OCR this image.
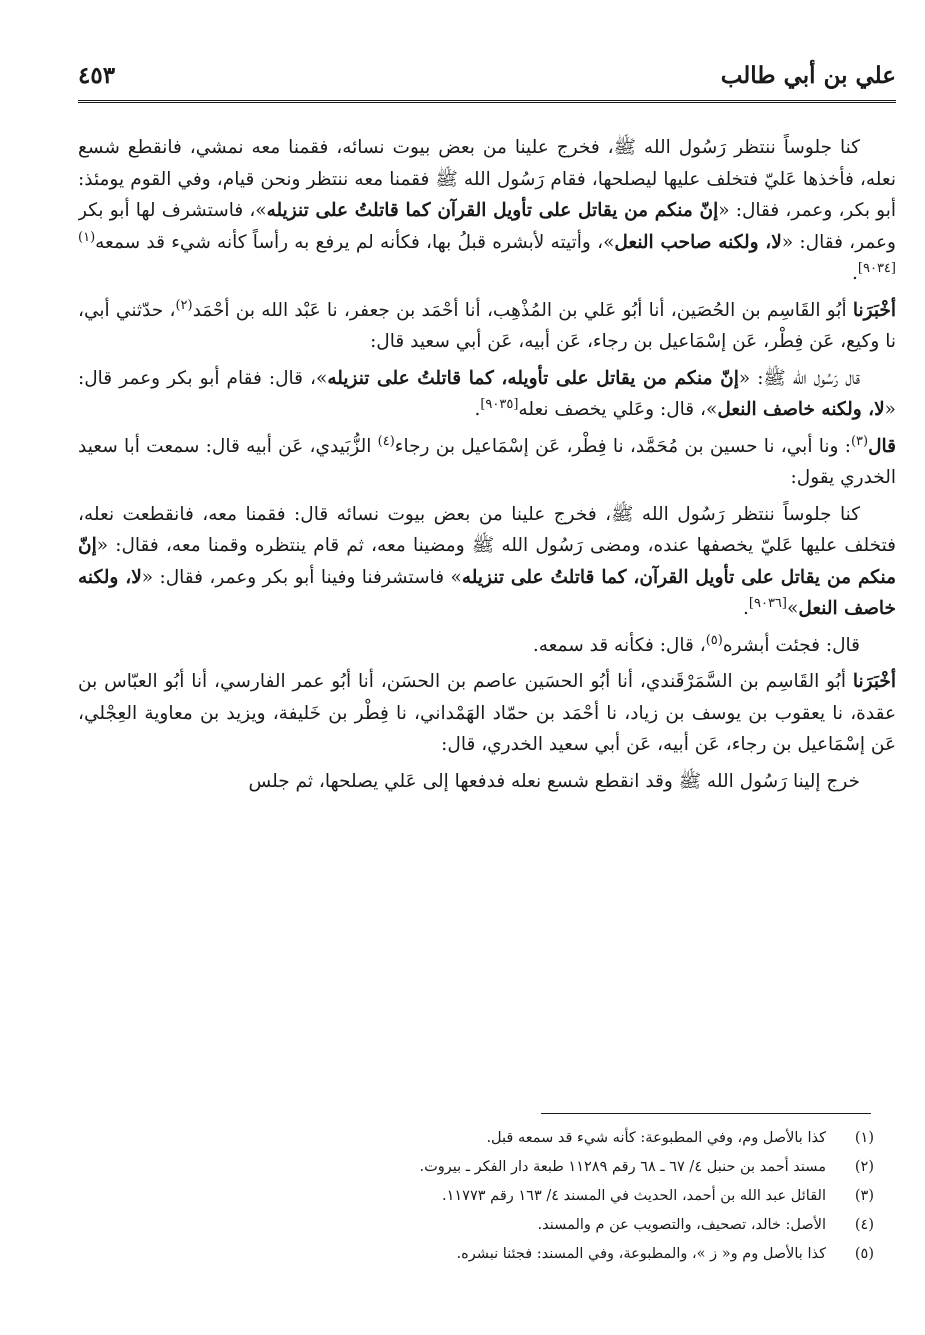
علي بن أبي طالب
٤٥٣

كنا جلوساً ننتظر رَسُول الله ﷺ، فخرج علينا من بعض بيوت نسائه، فقمنا معه نمشي، فانقطع شسع نعله، فأخذها عَليّ فتخلف عليها ليصلحها، فقام رَسُول الله ﷺ فقمنا معه ننتظر ونحن قيام، وفي القوم يومئذ: أبو بكر، وعمر، فقال: «إنّ منكم من يقاتل على تأويل القرآن كما قاتلتُ على تنزيله»، فاستشرف لها أبو بكر وعمر، فقال: «لا، ولكنه صاحب النعل»، وأتيته لأبشره قبلُ بها، فكأنه لم يرفع به رأساً كأنه شيء قد سمعه$^{(١)[٩٠٣٤]}$.

أخْبَرَنا أبُو القَاسِم بن الحُصَين، أنا أبُو عَلي بن المُذْهِب، أنا أحْمَد بن جعفر، نا عَبْد الله بن أحْمَد$^{(٢)}$، حدّثني أبي، نا وكيع، عَن فِطْر، عَن إسْمَاعيل بن رجاء، عَن أبيه، عَن أبي سعيد قال:

قال رَسُول الله ﷺ: «إنّ منكم من يقاتل على تأويله، كما قاتلتُ على تنزيله»، قال: فقام أبو بكر وعمر قال: «لا، ولكنه خاصف النعل»، قال: وعَلي يخصف نعله[٩٠٣٥].

قال$^{(٣)}$: ونا أبي، نا حسين بن مُحَمَّد، نا فِطْر، عَن إسْمَاعيل بن رجاء$^{(٤)}$ الزُّبَيدي، عَن أبيه قال: سمعت أبا سعيد الخدري يقول:

كنا جلوساً ننتظر رَسُول الله ﷺ، فخرج علينا من بعض بيوت نسائه قال: فقمنا معه، فانقطعت نعله، فتخلف عليها عَليّ يخصفها عنده، ومضى رَسُول الله ﷺ ومضينا معه، ثم قام ينتظره وقمنا معه، فقال: «إنّ منكم من يقاتل على تأويل القرآن، كما قاتلتُ على تنزيله» فاستشرفنا وفينا أبو بكر وعمر، فقال: «لا، ولكنه خاصف النعل»[٩٠٣٦].

قال: فجئت أبشره$^{(٥)}$، قال: فكأنه قد سمعه.

أخْبَرَنا أبُو القَاسِم بن السَّمَرْقَندي، أنا أبُو الحسَين عاصم بن الحسَن، أنا أبُو عمر الفارسي، أنا أبُو العبّاس بن عقدة، نا يعقوب بن يوسف بن زياد، نا أحْمَد بن حمّاد الهَمْداني، نا فِطْر بن خَليفة، ويزيد بن معاوية العِجْلي، عَن إسْمَاعيل بن رجاء، عَن أبيه، عَن أبي سعيد الخدري، قال:

خرج إلينا رَسُول الله ﷺ وقد انقطع شسع نعله فدفعها إلى عَلي يصلحها، ثم جلس

(١)
كذا بالأصل وم، وفي المطبوعة: كأنه شيء قد سمعه قبل.
(٢)
مسند أحمد بن حنبل ٤/ ٦٧ ـ ٦٨ رقم ١١٢٨٩ طبعة دار الفكر ـ بيروت.
(٣)
القائل عبد الله بن أحمد، الحديث في المسند ٤/ ١٦٣ رقم ١١٧٧٣.
(٤)
الأصل: خالد، تصحيف، والتصويب عن م والمسند.
(٥)
كذا بالأصل وم و« ز »، والمطبوعة، وفي المسند: فجئنا نبشره.
